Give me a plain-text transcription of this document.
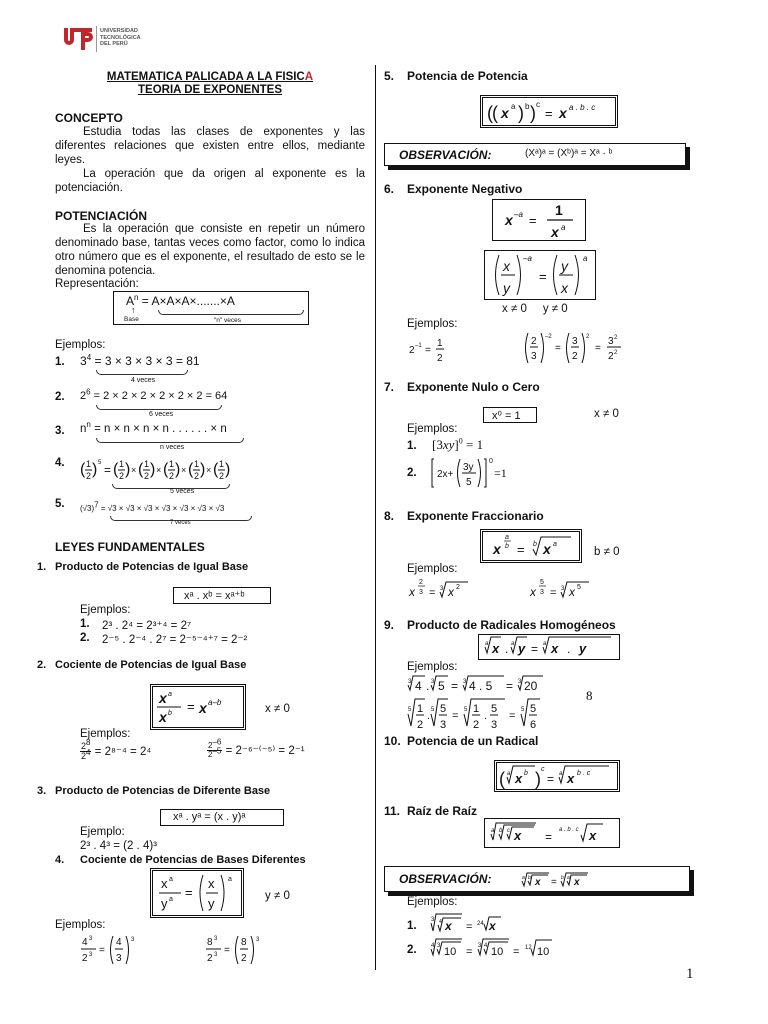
UNIVERSIDAD
TECNOLÓGICA
DEL PERÚ
MATEMATICA PALICADA A LA FISICA
TEORIA DE EXPONENTES
CONCEPTO
Estudia todas las clases de exponentes y las diferentes relaciones que existen entre ellos, mediante leyes.
La operación que da origen al exponente es la potenciación.
POTENCIACIÓN
Es la operación que consiste en repetir un número denominado base, tantas veces como factor, como lo indica otro número que es el exponente, el resultado de esto se le denomina potencia.
Representación:
$A^n = A\times A\times A\times.......\times A$
↑
Base	"n" veces
Ejemplos:
1. $3^4 = 3 \times 3 \times 3 \times 3 = 81$
4 veces
2. $2^6 = 2 \times 2 \times 2 \times 2 \times 2 \times 2 = 64$
6 veces
3. $n^n = n \times n \times n \times n$ . . . . . . × n
n veces
4. ( 1
2 ) 5 = ( 1
2 ) × ( 1
2 ) × ( 1
2 ) × ( 1
2 ) × ( 1
2 )
5 veces
5. $(√3)^7 = √3 \times √3 \times √3 \times √3 \times √3 \times √3 \times √3$
7 veces
LEYES FUNDAMENTALES
1. Producto de Potencias de Igual Base
xᵃ . xᵇ = xᵃ⁺ᵇ
Ejemplos:
1. 2³ . 2⁴ = 2³⁺⁴ = 2⁷
2. 2⁻⁵ . 2⁻⁴ . 2⁷ = 2⁻⁵⁻⁴⁺⁷ = 2⁻²
2. Cociente de Potencias de Igual Base
x a
x b = x a–b
x ≠ 0
Ejemplos:
$\frac{2^8}{2^4} = 2^{8-4} = 2^4$	$\frac{2^{-6}}{2^{-5}} = 2^{-6-(-5)} = 2^{-1}$
3. Producto de Potencias de Diferente Base
xᵃ . yᵃ = (x . y)ᵃ
Ejemplo:
2³ . 4³ = (2 . 4)³
4. Cociente de Potencias de Bases Diferentes
x a
y a =
x
y
a
y ≠ 0
Ejemplos:
4 3
2 3 =
4
3
3	8 3
2 3 =
8
2
3
5. Potencia de Potencia
( ( x a ) b ) c
= x a . b . c
OBSERVACIÓN:	(Xᵃ)ᵃ = (Xᵇ)ᵃ = Xᵃ · ᵇ
6. Exponente Negativo
x –a =
1
x a
x
y
–a
=
y
x
a
x ≠ 0     y ≠ 0
Ejemplos:
2 –1 =
1
2
2
3
–2
=
3
2
2
=
3 2
2 2
7. Exponente Nulo o Cero
x⁰ = 1	x ≠ 0
Ejemplos:
1. $[3xy]^0 = 1$
2. 2x+
3y
5
0
=1
8. Exponente Fraccionario
x
a
b = b x a
b ≠ 0
Ejemplos:
x
2
3 = 3 x 2	x
5
3 = 3 x 5
9. Producto de Radicales Homogéneos
a x . a y = a x . y
Ejemplos:
3 4 . 3 5 = 3 4 . 5 = 3 20
8
5 1
2
. 5 5
3
= 5 1
2
.
5
3
= 5 5
6
10. Potencia de un Radical
( a x b ) c
= a x b . c
11. Raíz de Raíz
a b c x = a . b . c x
OBSERVACIÓN:	a b x = b a x
Ejemplos:
1. 3 4 x = 24 x
2. 4 3 10 = 3 4 10 = 12 10
1
